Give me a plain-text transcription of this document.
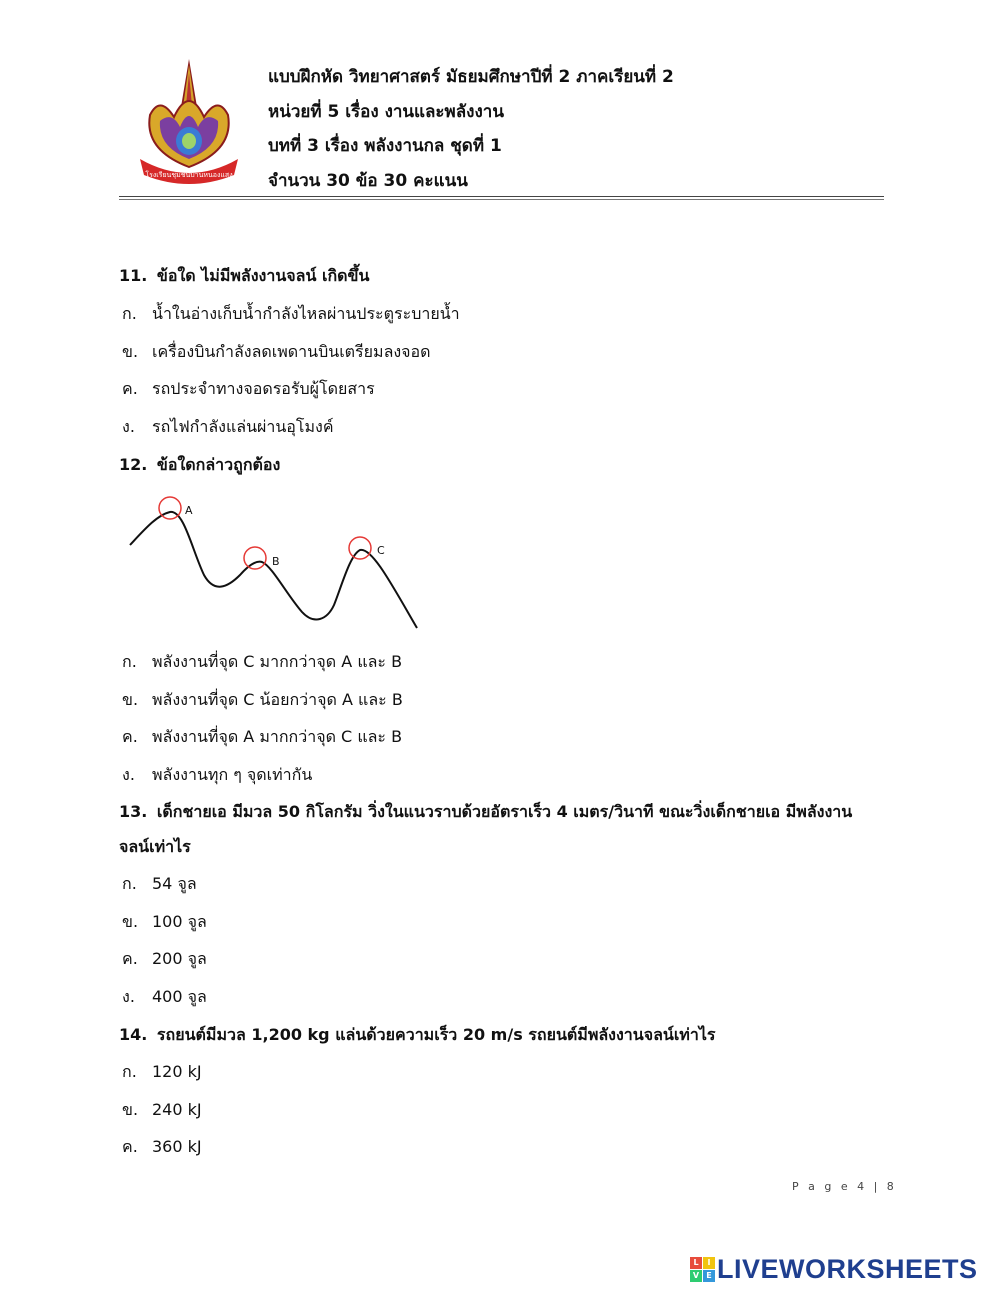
โรงเรียนชุมชนบ้านหนองแสง
แบบฝึกหัด วิทยาศาสตร์ มัธยมศึกษาปีที่ 2 ภาคเรียนที่ 2
หน่วยที่ 5 เรื่อง งานและพลังงาน
บทที่ 3 เรื่อง พลังงานกล ชุดที่ 1
จำนวน 30 ข้อ 30 คะแนน
11. ข้อใด ไม่มีพลังงานจลน์ เกิดขึ้น
ก. น้ำในอ่างเก็บน้ำกำลังไหลผ่านประตูระบายน้ำ
ข. เครื่องบินกำลังลดเพดานบินเตรียมลงจอด
ค. รถประจำทางจอดรอรับผู้โดยสาร
ง. รถไฟกำลังแล่นผ่านอุโมงค์
12. ข้อใดกล่าวถูกต้อง
A
B
C
ก. พลังงานที่จุด C มากกว่าจุด A และ B
ข. พลังงานที่จุด C น้อยกว่าจุด A และ B
ค. พลังงานที่จุด A มากกว่าจุด C และ B
ง. พลังงานทุก ๆ จุดเท่ากัน
13. เด็กชายเอ มีมวล 50 กิโลกรัม วิ่งในแนวราบด้วยอัตราเร็ว 4 เมตร/วินาที ขณะวิ่งเด็กชายเอ มีพลังงาน
จลน์เท่าไร
ก. 54 จูล
ข. 100 จูล
ค. 200 จูล
ง. 400 จูล
14. รถยนต์มีมวล 1,200 kg แล่นด้วยความเร็ว 20 m/s รถยนต์มีพลังงานจลน์เท่าไร
ก. 120 kJ
ข. 240 kJ
ค. 360 kJ
P a g e 4 | 8
L	I
V E LIVEWORKSHEETS
